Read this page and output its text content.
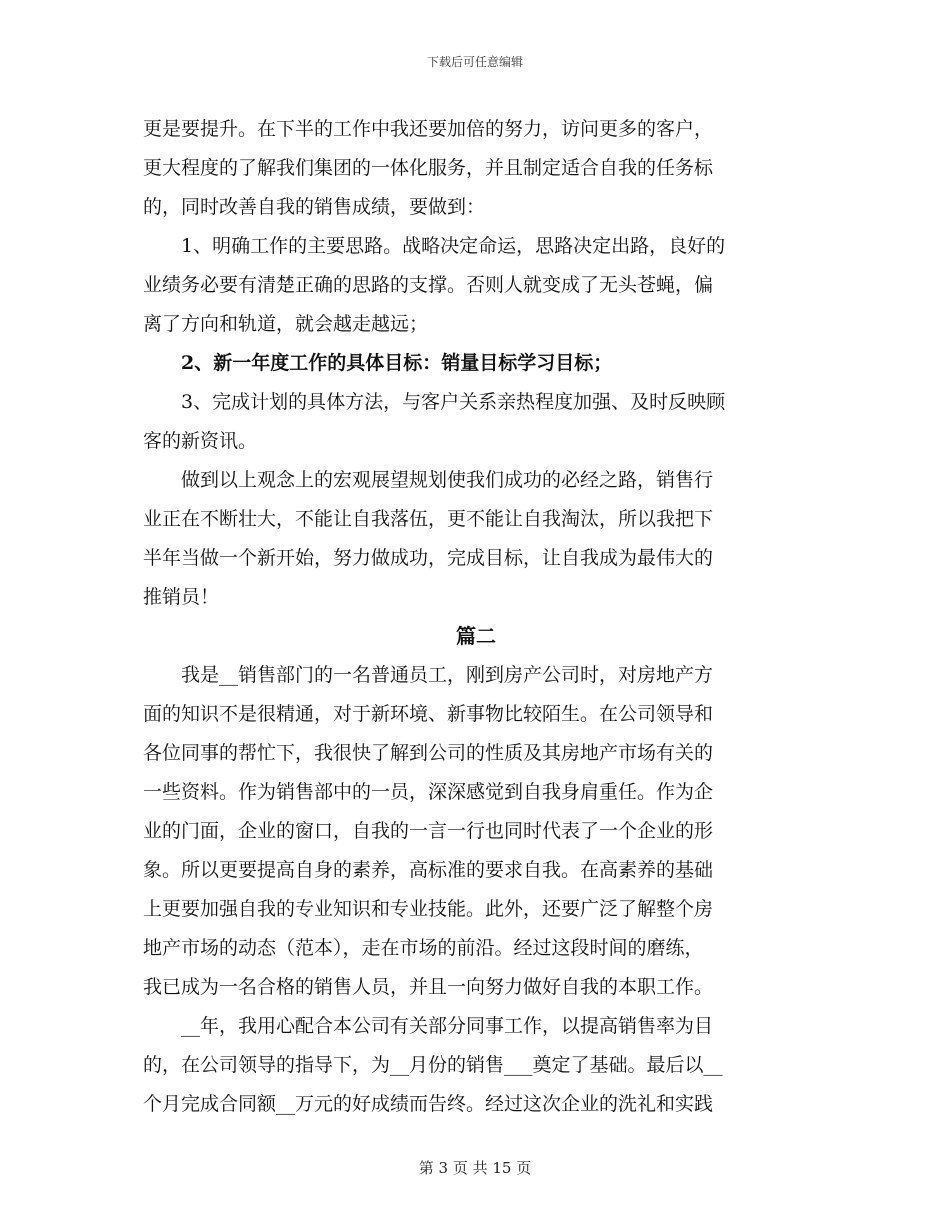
下载后可任意编辑
更是要提升。在下半的工作中我还要加倍的努力，访问更多的客户，
更大程度的了解我们集团的一体化服务，并且制定适合自我的任务标
的，同时改善自我的销售成绩，要做到：
　　1、明确工作的主要思路。战略决定命运，思路决定出路，良好的
业绩务必要有清楚正确的思路的支撑。否则人就变成了无头苍蝇，偏
离了方向和轨道，就会越走越远；
　　2、新一年度工作的具体目标：销量目标学习目标；
　　3、完成计划的具体方法，与客户关系亲热程度加强、及时反映顾
客的新资讯。
　　做到以上观念上的宏观展望规划使我们成功的必经之路，销售行
业正在不断壮大，不能让自我落伍，更不能让自我淘汰，所以我把下
半年当做一个新开始，努力做成功，完成目标，让自我成为最伟大的
推销员！
篇二
　　我是__销售部门的一名普通员工，刚到房产公司时，对房地产方
面的知识不是很精通，对于新环境、新事物比较陌生。在公司领导和
各位同事的帮忙下，我很快了解到公司的性质及其房地产市场有关的
一些资料。作为销售部中的一员，深深感觉到自我身肩重任。作为企
业的门面，企业的窗口，自我的一言一行也同时代表了一个企业的形
象。所以更要提高自身的素养，高标准的要求自我。在高素养的基础
上更要加强自我的专业知识和专业技能。此外，还要广泛了解整个房
地产市场的动态（范本），走在市场的前沿。经过这段时间的磨练，
我已成为一名合格的销售人员，并且一向努力做好自我的本职工作。
　　__年，我用心配合本公司有关部分同事工作，以提高销售率为目
的，在公司领导的指导下，为__月份的销售___奠定了基础。最后以__
个月完成合同额__万元的好成绩而告终。经过这次企业的洗礼和实践
第 3 页 共 15 页
